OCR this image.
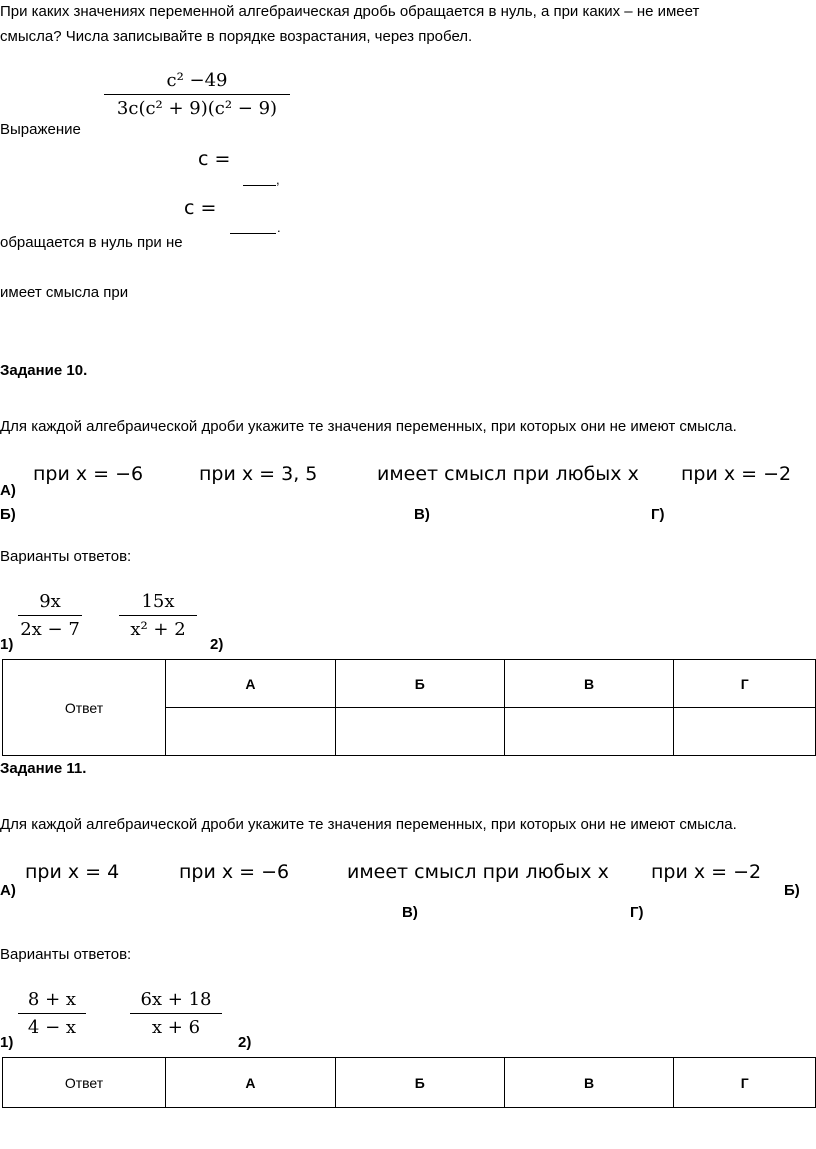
При каких значениях переменной алгебраическая дробь обращается в нуль, а при каких – не имеет
смысла? Числа записывайте в порядке возрастания, через пробел.
c² −49
3c(c² + 9)(c² − 9)
Выражение
c =
,
c =
.
обращается в нуль при не
имеет смысла при
Задание 10.
Для каждой алгебраической дроби укажите те значения переменных, при которых они не имеют смысла.
при x = −6	при x = 3, 5	имеет смысл при любых x при x = −2
А)
Б)	В)	Г)
Варианты ответов:
9x
2x − 7
15x
x² + 2
1)	2)
Ответ	А	Б	В	Г

Задание 11.
Для каждой алгебраической дроби укажите те значения переменных, при которых они не имеют смысла.
при x = 4	при x = −6	имеет смысл при любых x при x = −2
А)	Б)
В)	Г)
Варианты ответов:
8 + x
4 − x
6x + 18
x + 6
1)	2)
Ответ	А	Б	В	Г
